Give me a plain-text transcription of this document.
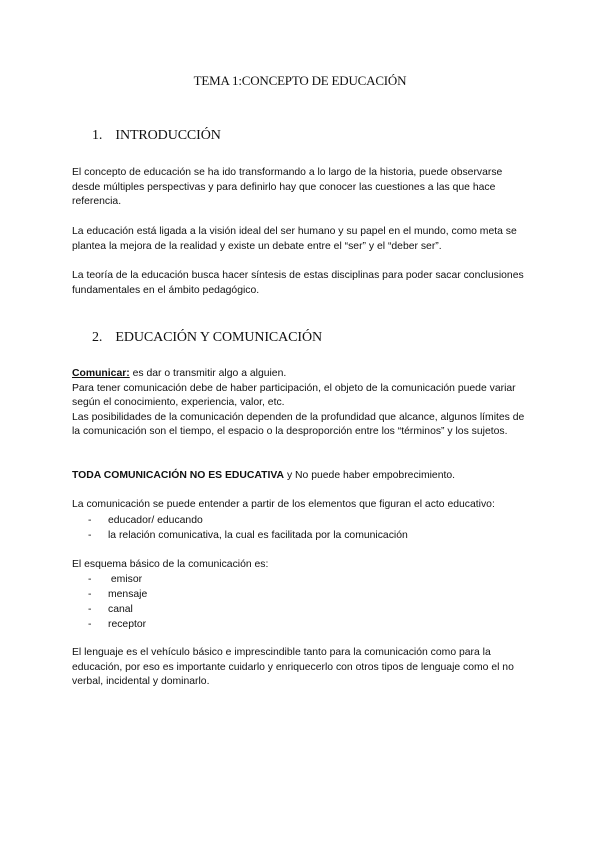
TEMA 1:CONCEPTO DE EDUCACIÓN
1. INTRODUCCIÓN
El concepto de educación se ha ido transformando a lo largo de la historia, puede observarse desde múltiples perspectivas y para definirlo hay que conocer las cuestiones a las que hace referencia.
La educación está ligada a la visión ideal del ser humano y su papel en el mundo, como meta se plantea la mejora de la realidad y existe un debate entre el “ser” y el “deber ser”.
La teoría de la educación busca hacer síntesis de estas disciplinas para poder sacar conclusiones fundamentales en el ámbito pedagógico.
2. EDUCACIÓN Y COMUNICACIÓN
Comunicar: es dar o transmitir algo a alguien.
Para tener comunicación debe de haber participación, el objeto de la comunicación puede variar según el conocimiento, experiencia, valor, etc.
Las posibilidades de la comunicación dependen de la profundidad que alcance, algunos límites de la comunicación son el tiempo, el espacio o la desproporción entre los “términos” y los sujetos.
TODA COMUNICACIÓN NO ES EDUCATIVA y No puede haber empobrecimiento.
La comunicación se puede entender a partir de los elementos que figuran el acto educativo:
-	educador/ educando
-	la relación comunicativa, la cual es facilitada por la comunicación
El esquema básico de la comunicación es:
-	emisor
-	mensaje
-	canal
-	receptor
El lenguaje es el vehículo básico e imprescindible tanto para la comunicación como para la educación, por eso es importante cuidarlo y enriquecerlo con otros tipos de lenguaje como el no verbal, incidental y dominarlo.
